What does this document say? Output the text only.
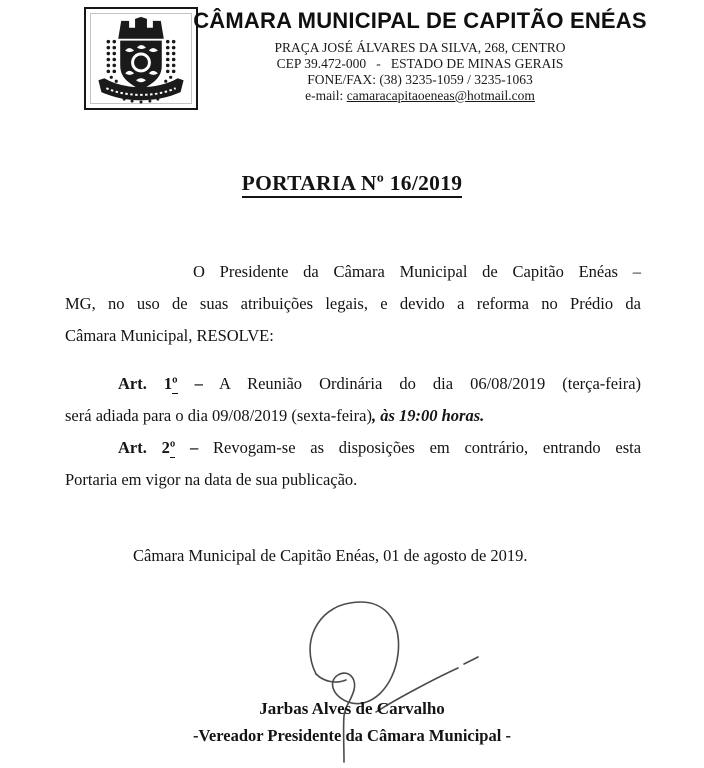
CÂMARA MUNICIPAL DE CAPITÃO ENÉAS
PRAÇA JOSÉ ÁLVARES DA SILVA, 268, CENTRO
CEP 39.472-000   -   ESTADO DE MINAS GERAIS
FONE/FAX: (38) 3235-1059 / 3235-1063
e-mail: camaracapitaoeneas@hotmail.com
PORTARIA Nº 16/2019
O Presidente da Câmara Municipal de Capitão Enéas –
MG, no uso de suas atribuições legais, e devido a reforma no Prédio da
Câmara Municipal, RESOLVE:
Art. 1º – A Reunião Ordinária do dia 06/08/2019 (terça-feira)
será adiada para o dia 09/08/2019 (sexta-feira), às 19:00 horas.
Art. 2º – Revogam-se as disposições em contrário, entrando esta
Portaria em vigor na data de sua publicação.
Câmara Municipal de Capitão Enéas, 01 de agosto de 2019.
Jarbas Alves de Carvalho
-Vereador Presidente da Câmara Municipal -
